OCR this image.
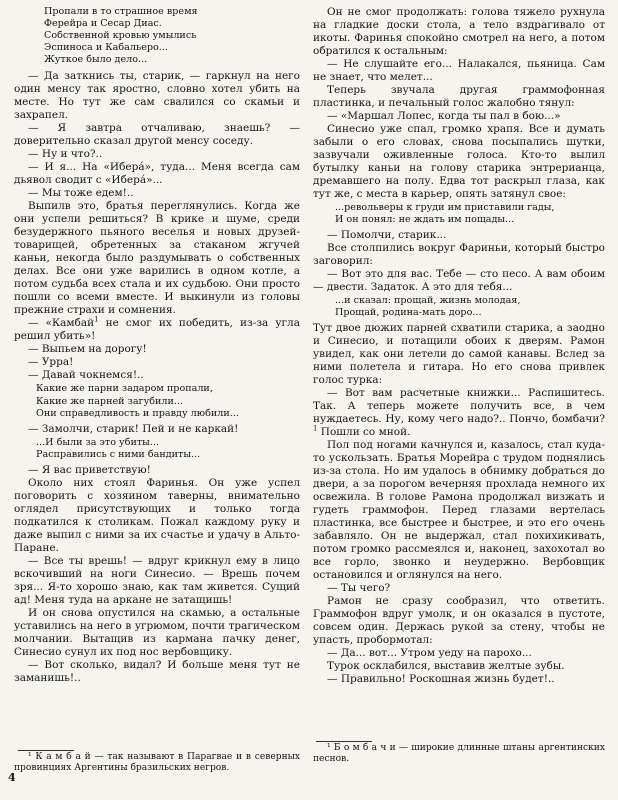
Пропали в то страшное время
Ферейра и Сесар Диас.
Собственной кровью умылись
Эспиноса и Кабальеро...
Жуткое было дело...

— Да заткнись ты, старик, — гаркнул на него один менсу так яростно, словно хотел убить на месте. Но тут же сам свалился со скамьи и захрапел.

— Я завтра отчаливаю, знаешь? — доверительно сказал другой менсу соседу.

— Ну и что?..

— И я... На «Иберá», туда... Меня всегда сам дьявол сводит с «Иберá»...

— Мы тоже едем!..

Выпилв это, братья переглянулись. Когда же они успели решиться? В крике и шуме, среди безудержного пьяного веселья и новых друзей-товарищей, обретенных за стаканом жгучей каньи, некогда было раздумывать о собственных делах. Все они уже варились в одном котле, а потом судьба всех стала и их судьбою. Они просто пошли со всеми вместе. И выкинули из головы прежние страхи и сомнения.

— «Камбай$^1$ не смог их победить, из-за угла решил убить»!

— Выпьем на дорогу!

— Урра!

— Давай чокнемся!..

Какие же парни задаром пропали,
Какие же парней загубили...
Они справедливость и правду любили...

— Замолчи, старик! Пей и не каркай!

...И были за это убиты...
Расправились с ними бандиты...

— Я вас приветствую!

Около них стоял Фаринья. Он уже успел поговорить с хозяином таверны, внимательно оглядел присутствующих и только тогда подкатился к столикам. Пожал каждому руку и даже выпил с ними за их счастье и удачу в Альто-Паране.

— Все ты врешь! — вдруг крикнул ему в лицо вскочивший на ноги Синесио. — Врешь почем зря... Я-то хорошо знаю, как там живется. Сущий ад! Меня туда на аркане не затащишь!

И он снова опустился на скамью, а остальные уставились на него в угрюмом, почти трагическом молчании. Вытащив из кармана пачку денег, Синесио сунул их под нос вербовщику.

— Вот сколько, видал? И больше меня тут не заманишь!..

Он не смог продолжать: голова тяжело рухнула на гладкие доски стола, а тело вздрагивало от икоты. Фаринья спокойно смотрел на него, а потом обратился к остальным:

— Не слушайте его... Налакался, пьяница. Сам не знает, что мелет...

Теперь звучала другая граммофонная пластинка, и печальный голос жалобно тянул:

— «Маршал Лопес, когда ты пал в бою...»

Синесио уже спал, громко храпя. Все и думать забыли о его словах, снова посыпались шутки, зазвучали оживленные голоса. Кто-то вылил бутылку каньи на голову старика энтрерианца, дремавшего на полу. Едва тот раскрыл глаза, как тут же, с места в карьер, опять затянул свое:

...револьверы к груди им приставили гады,
И он понял: не ждать им пощады...

— Помолчи, старик...

Все столпились вокруг Фариньи, который быстро заговорил:

— Вот это для вас. Тебе — сто песо. А вам обоим — двести. Задаток. А это для тебя...

...и сказал: прощай, жизнь молодая,
Прощай, родина-мать доро...

Тут двое дюжих парней схватили старика, а заодно и Синесио, и потащили обоих к дверям. Рамон увидел, как они летели до самой канавы. Вслед за ними полетела и гитара. Но его снова привлек голос турка:

— Вот вам расчетные книжки... Распишитесь. Так. А теперь можете получить все, в чем нуждаетесь. Ну, кому чего надо?.. Пончо, бомбачи?$^1$ Пошли со мной.

Пол под ногами качнулся и, казалось, стал куда-то ускользать. Братья Морейра с трудом поднялись из-за стола. Но им удалось в обнимку добраться до двери, а за порогом вечерняя прохлада немного их освежила. В голове Рамона продолжал визжать и гудеть граммофон. Перед глазами вертелась пластинка, все быстрее и быстрее, и это его очень забавляло. Он не выдержал, стал похихикивать, потом громко рассмеялся и, наконец, захохотал во все горло, звонко и неудержно. Вербовщик остановился и оглянулся на него.

— Ты чего?

Рамон не сразу сообразил, что ответить. Граммофон вдруг умолк, и он оказался в пустоте, совсем один. Держась рукой за стену, чтобы не упасть, пробормотал:

— Да... вот... Утром уеду на парохо...

Турок осклабился, выставив желтые зубы.

— Правильно! Роскошная жизнь будет!..

¹ К а м б а й — так называют в Парагвае и в северных провинциях Аргентины бразильских негров.

¹ Б о м б а ч и — широкие длинные штаны аргентинских песнов.

4
